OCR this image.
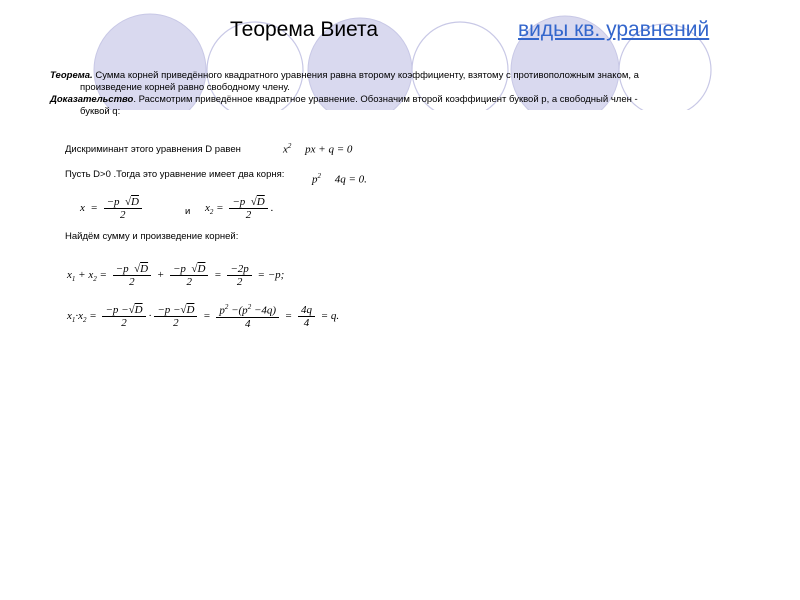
Теорема Виета	виды кв. уравнений

Теорема. Сумма корней приведённого квадратного уравнения равна второму коэффициенту, взятому с противоположным знаком, а

произведение корней равно свободному члену.

Доказательство. Рассмотрим приведённое квадратное уравнение. Обозначим второй коэффициент буквой р, а свободный член -

буквой q:

Дискриминант этого уравнения D равен	$x^2$     px + q = 0
Пусть D>0 .Тогда это уравнение имеет два корня:	$p^2$     4q = 0.
$x = \frac{-p √D}{2}$	и $x_2 = \frac{-p √D}{2}$ .
Найдём сумму и произведение корней:
$x_1 + x_2 = \frac{-p √D}{2} + \frac{-p √D}{2} = \frac{-2p}{2} = -p$;
$x_1\cdot x_2 = \frac{-p -√D}{2} \cdot \frac{-p -√D}{2} = \frac{p^2 -(p^2 -4q)}{4} = \frac{4q}{4} = q$.
